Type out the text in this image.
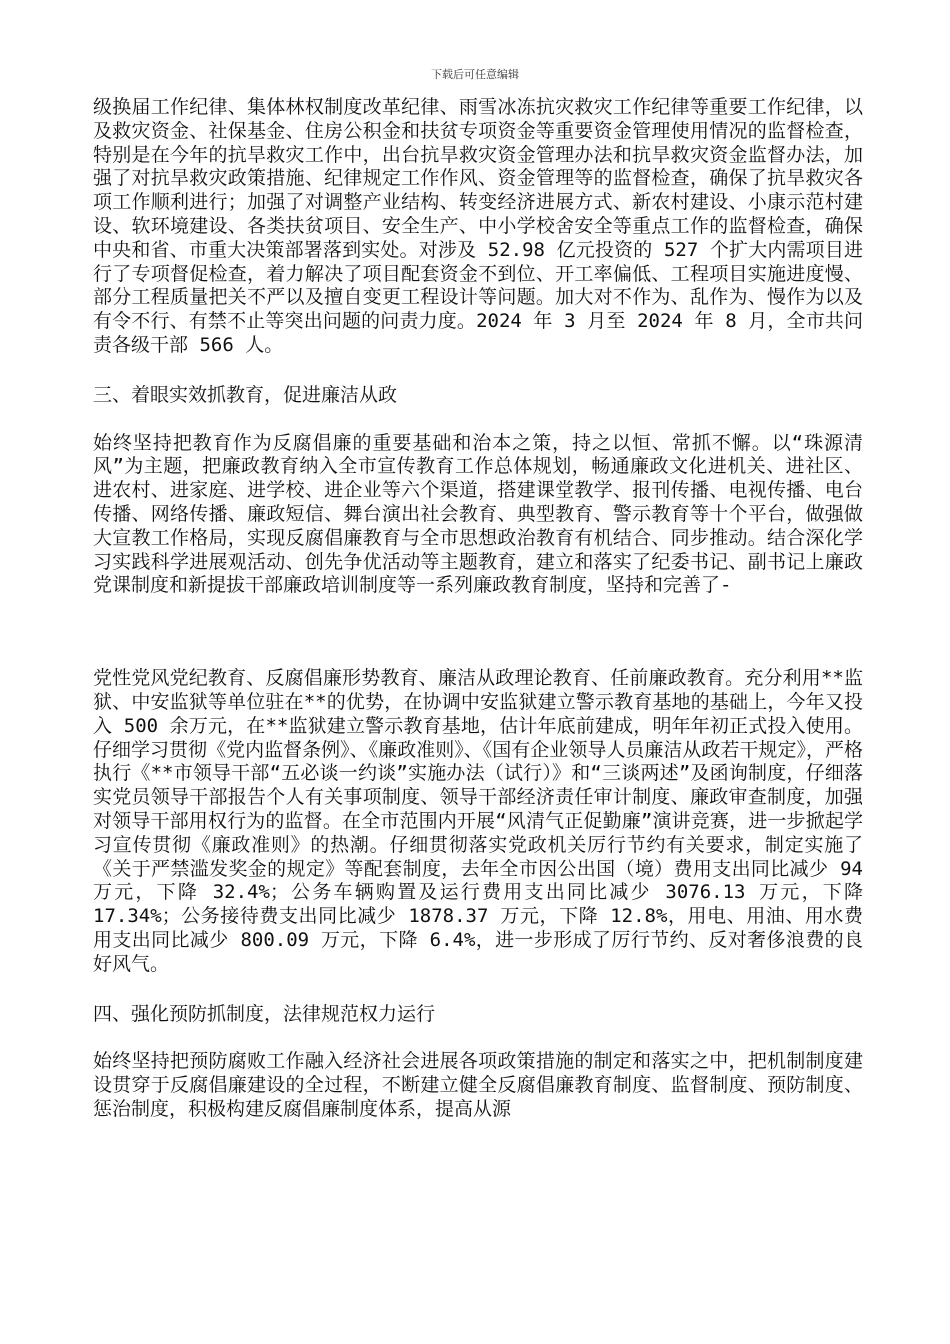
下载后可任意编辑

级换届工作纪律、集体林权制度改革纪律、雨雪冰冻抗灾救灾工作纪律等重要工作纪律，以及救灾资金、社保基金、住房公积金和扶贫专项资金等重要资金管理使用情况的监督检查，特别是在今年的抗旱救灾工作中，出台抗旱救灾资金管理办法和抗旱救灾资金监督办法，加强了对抗旱救灾政策措施、纪律规定工作作风、资金管理等的监督检查，确保了抗旱救灾各项工作顺利进行；加强了对调整产业结构、转变经济进展方式、新农村建设、小康示范村建设、软环境建设、各类扶贫项目、安全生产、中小学校舍安全等重点工作的监督检查，确保中央和省、市重大决策部署落到实处。对涉及 52.98 亿元投资的 527 个扩大内需项目进行了专项督促检查，着力解决了项目配套资金不到位、开工率偏低、工程项目实施进度慢、部分工程质量把关不严以及擅自变更工程设计等问题。加大对不作为、乱作为、慢作为以及有令不行、有禁不止等突出问题的问责力度。2024 年 3 月至 2024 年 8 月，全市共问责各级干部 566 人。

三、着眼实效抓教育，促进廉洁从政

始终坚持把教育作为反腐倡廉的重要基础和治本之策，持之以恒、常抓不懈。以“珠源清风”为主题，把廉政教育纳入全市宣传教育工作总体规划，畅通廉政文化进机关、进社区、进农村、进家庭、进学校、进企业等六个渠道，搭建课堂教学、报刊传播、电视传播、电台传播、网络传播、廉政短信、舞台演出社会教育、典型教育、警示教育等十个平台，做强做大宣教工作格局，实现反腐倡廉教育与全市思想政治教育有机结合、同步推动。结合深化学习实践科学进展观活动、创先争优活动等主题教育，建立和落实了纪委书记、副书记上廉政党课制度和新提拔干部廉政培训制度等一系列廉政教育制度，坚持和完善了-

党性党风党纪教育、反腐倡廉形势教育、廉洁从政理论教育、任前廉政教育。充分利用**监狱、中安监狱等单位驻在**的优势，在协调中安监狱建立警示教育基地的基础上，今年又投入 500 余万元，在**监狱建立警示教育基地，估计年底前建成，明年年初正式投入使用。仔细学习贯彻《党内监督条例》、《廉政准则》、《国有企业领导人员廉洁从政若干规定》，严格执行《**市领导干部“五必谈一约谈”实施办法（试行）》和“三谈两述”及函询制度，仔细落实党员领导干部报告个人有关事项制度、领导干部经济责任审计制度、廉政审查制度，加强对领导干部用权行为的监督。在全市范围内开展“风清气正促勤廉”演讲竞赛，进一步掀起学习宣传贯彻《廉政准则》的热潮。仔细贯彻落实党政机关厉行节约有关要求，制定实施了《关于严禁滥发奖金的规定》等配套制度，去年全市因公出国（境）费用支出同比减少 94 万元，下降 32.4%；公务车辆购置及运行费用支出同比减少 3076.13 万元，下降 17.34%；公务接待费支出同比减少 1878.37 万元，下降 12.8%，用电、用油、用水费用支出同比减少 800.09 万元，下降 6.4%，进一步形成了厉行节约、反对奢侈浪费的良好风气。

四、强化预防抓制度，法律规范权力运行

始终坚持把预防腐败工作融入经济社会进展各项政策措施的制定和落实之中，把机制制度建设贯穿于反腐倡廉建设的全过程，不断建立健全反腐倡廉教育制度、监督制度、预防制度、惩治制度，积极构建反腐倡廉制度体系，提高从源
